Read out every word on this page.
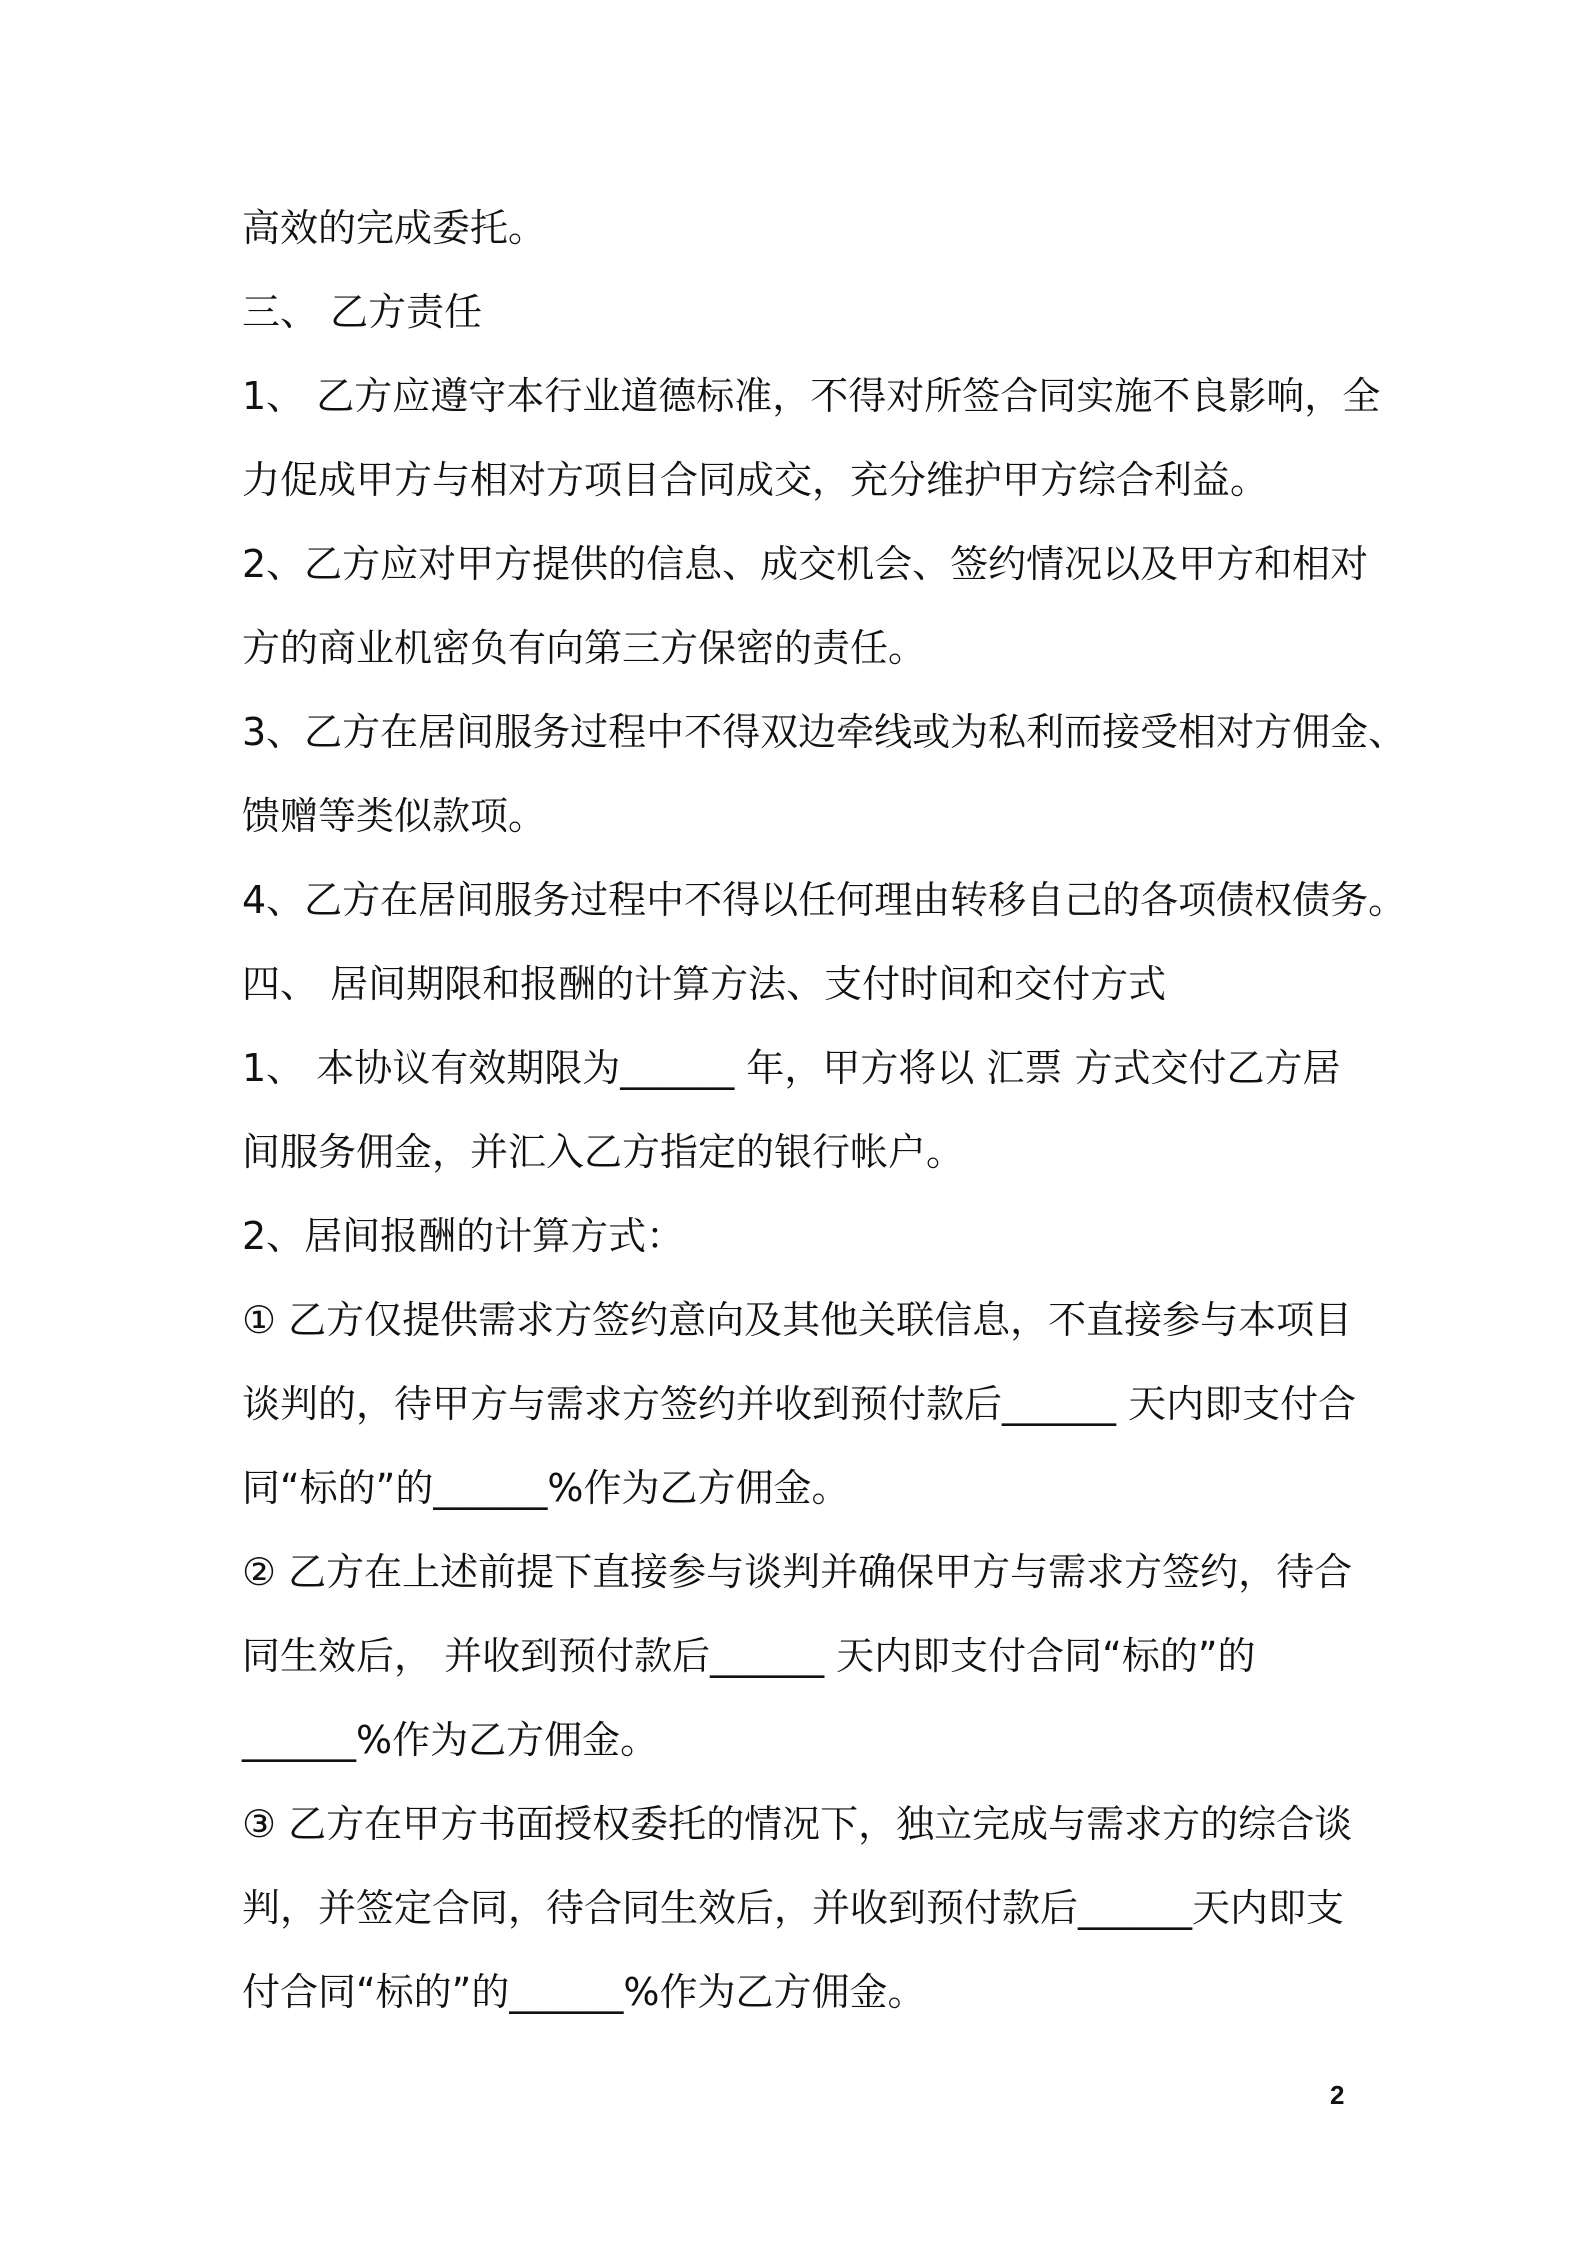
高效的完成委托。
三、 乙方责任
1、 乙方应遵守本行业道德标准，不得对所签合同实施不良影响，全
力促成甲方与相对方项目合同成交，充分维护甲方综合利益。
2、乙方应对甲方提供的信息、成交机会、签约情况以及甲方和相对
方的商业机密负有向第三方保密的责任。
3、乙方在居间服务过程中不得双边牵线或为私利而接受相对方佣金、
馈赠等类似款项。
4、乙方在居间服务过程中不得以任何理由转移自己的各项债权债务。
四、 居间期限和报酬的计算方法、支付时间和交付方式
1、 本协议有效期限为______ 年，甲方将以 汇票 方式交付乙方居
间服务佣金，并汇入乙方指定的银行帐户。
2、居间报酬的计算方式：
① 乙方仅提供需求方签约意向及其他关联信息，不直接参与本项目
谈判的，待甲方与需求方签约并收到预付款后______ 天内即支付合
同“标的”的______%作为乙方佣金。
② 乙方在上述前提下直接参与谈判并确保甲方与需求方签约，待合
同生效后， 并收到预付款后______ 天内即支付合同“标的”的
______%作为乙方佣金。
③ 乙方在甲方书面授权委托的情况下，独立完成与需求方的综合谈
判，并签定合同，待合同生效后，并收到预付款后______天内即支
付合同“标的”的______%作为乙方佣金。
2
